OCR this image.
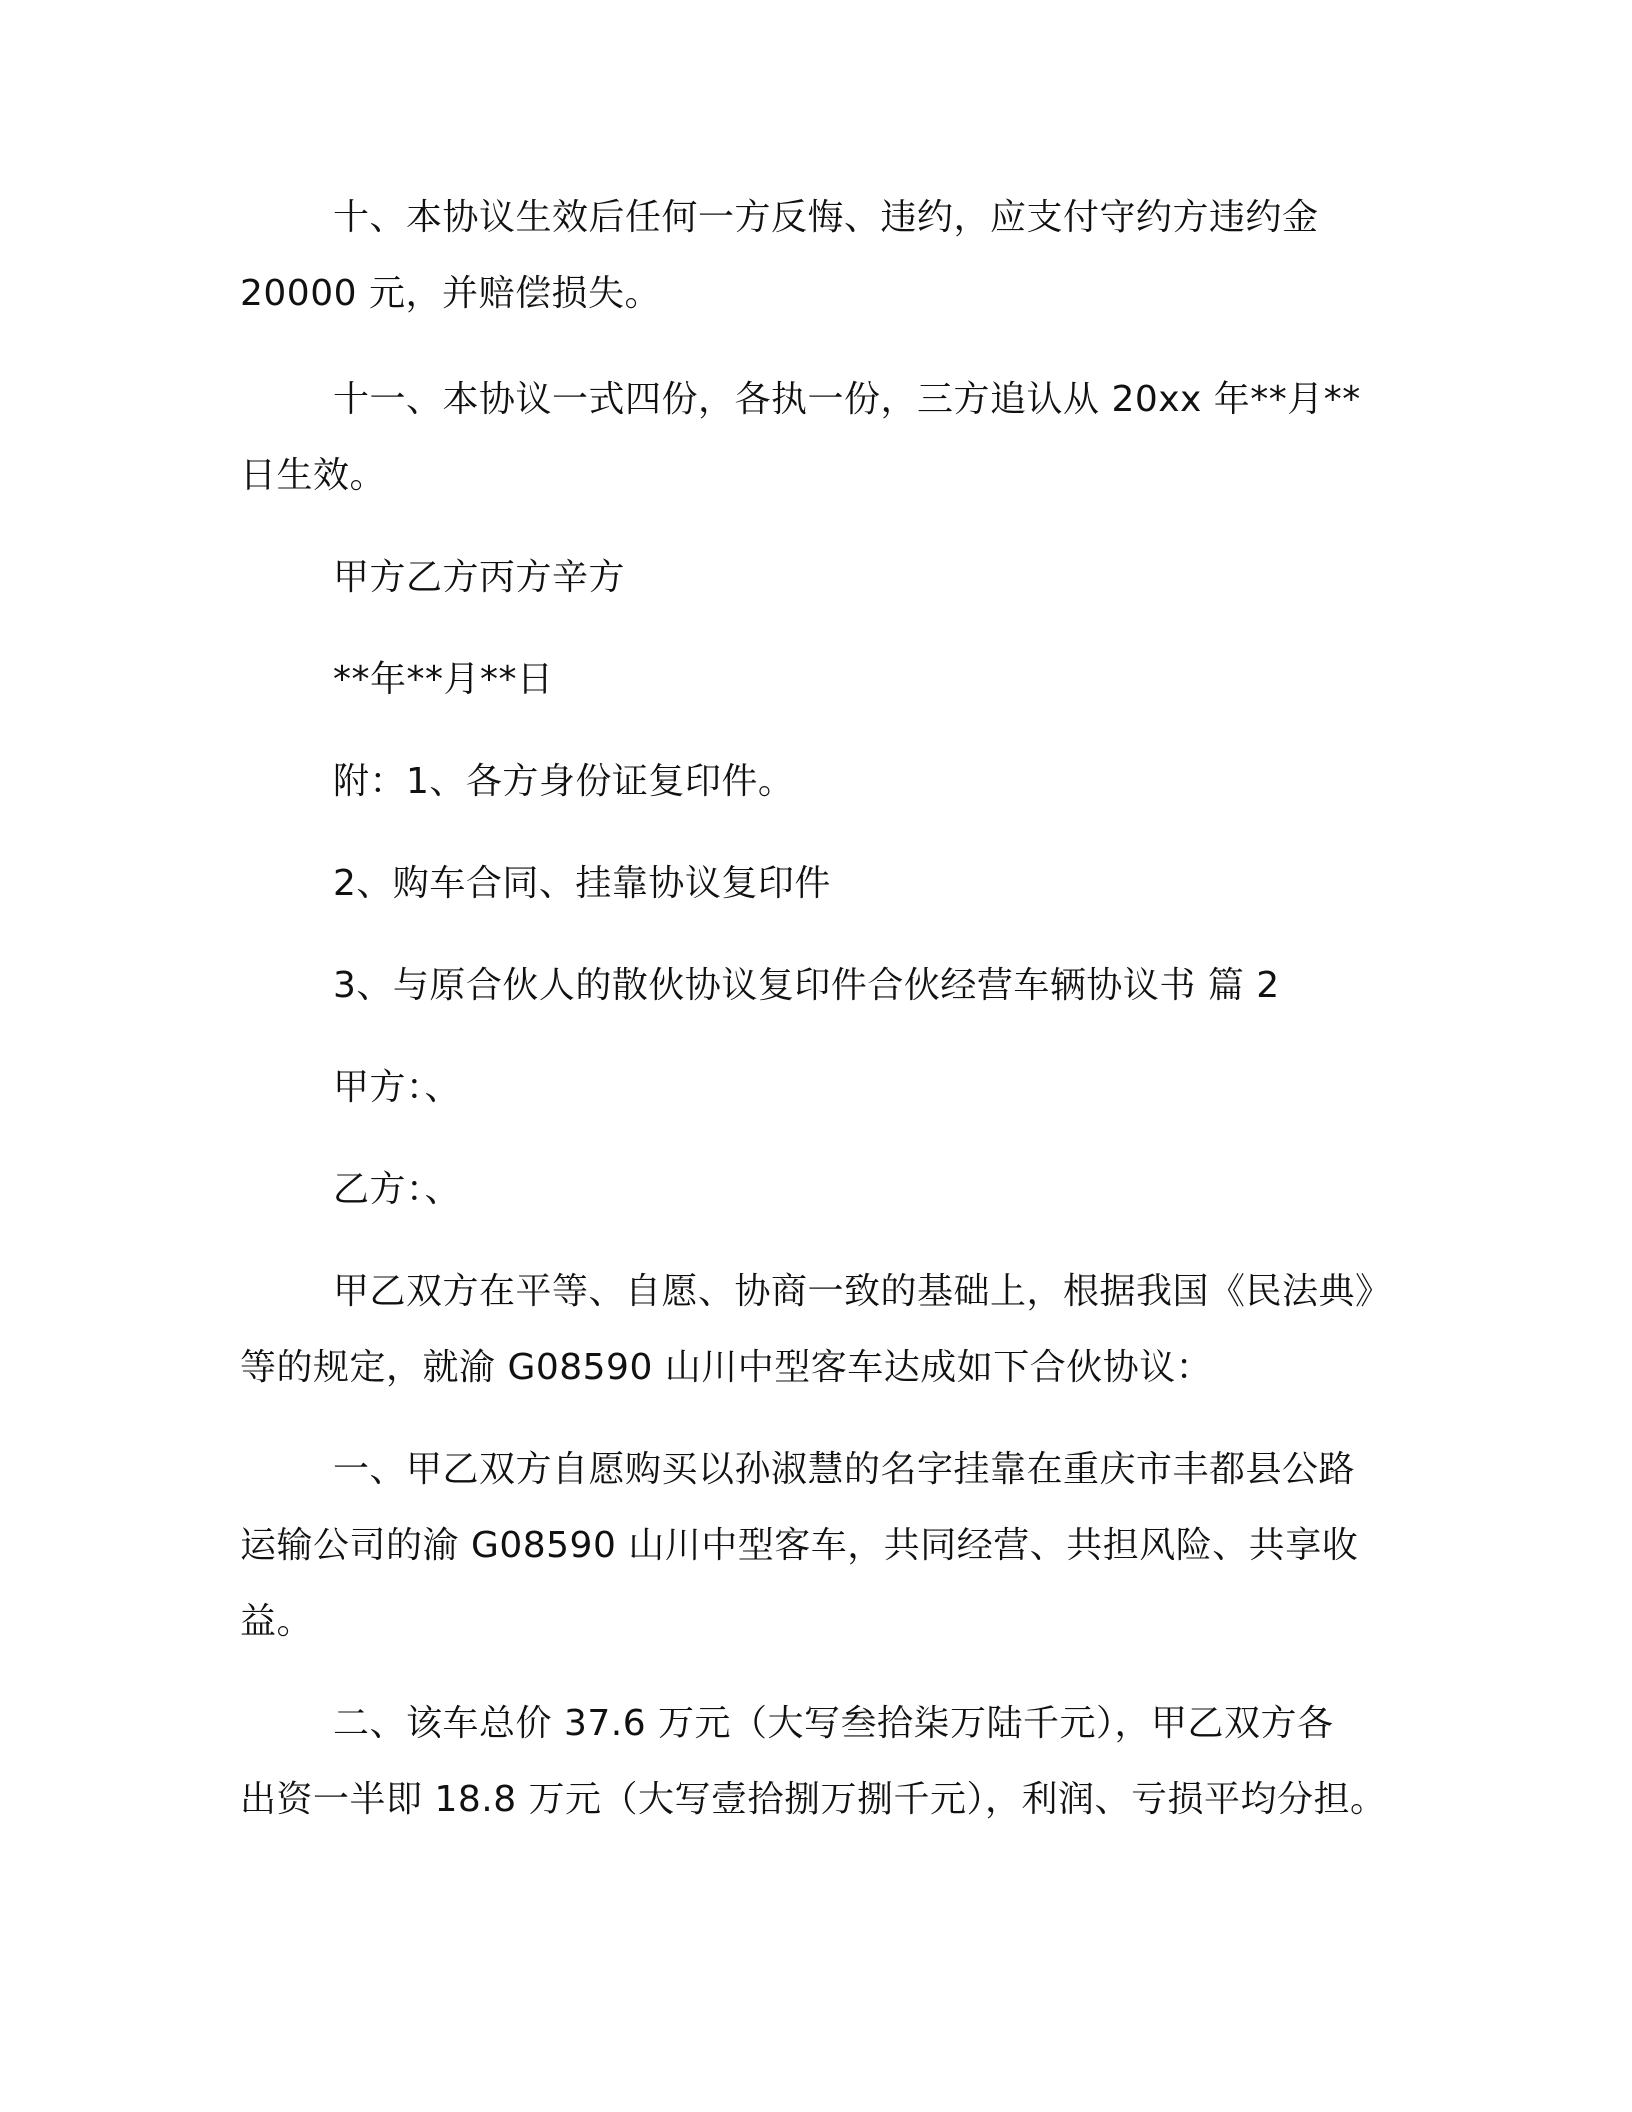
十、本协议生效后任何一方反悔、违约，应支付守约方违约金
20000 元，并赔偿损失。
十一、本协议一式四份，各执一份，三方追认从 20xx 年**月**
日生效。
甲方乙方丙方辛方
**年**月**日
附：1、各方身份证复印件。
2、购车合同、挂靠协议复印件
3、与原合伙人的散伙协议复印件合伙经营车辆协议书 篇 2
甲方：、
乙方：、
甲乙双方在平等、自愿、协商一致的基础上，根据我国《民法典》
等的规定，就渝 G08590 山川中型客车达成如下合伙协议：
一、甲乙双方自愿购买以孙淑慧的名字挂靠在重庆市丰都县公路
运输公司的渝 G08590 山川中型客车，共同经营、共担风险、共享收
益。
二、该车总价 37.6 万元（大写叁拾柒万陆千元），甲乙双方各
出资一半即 18.8 万元（大写壹拾捌万捌千元），利润、亏损平均分担。
